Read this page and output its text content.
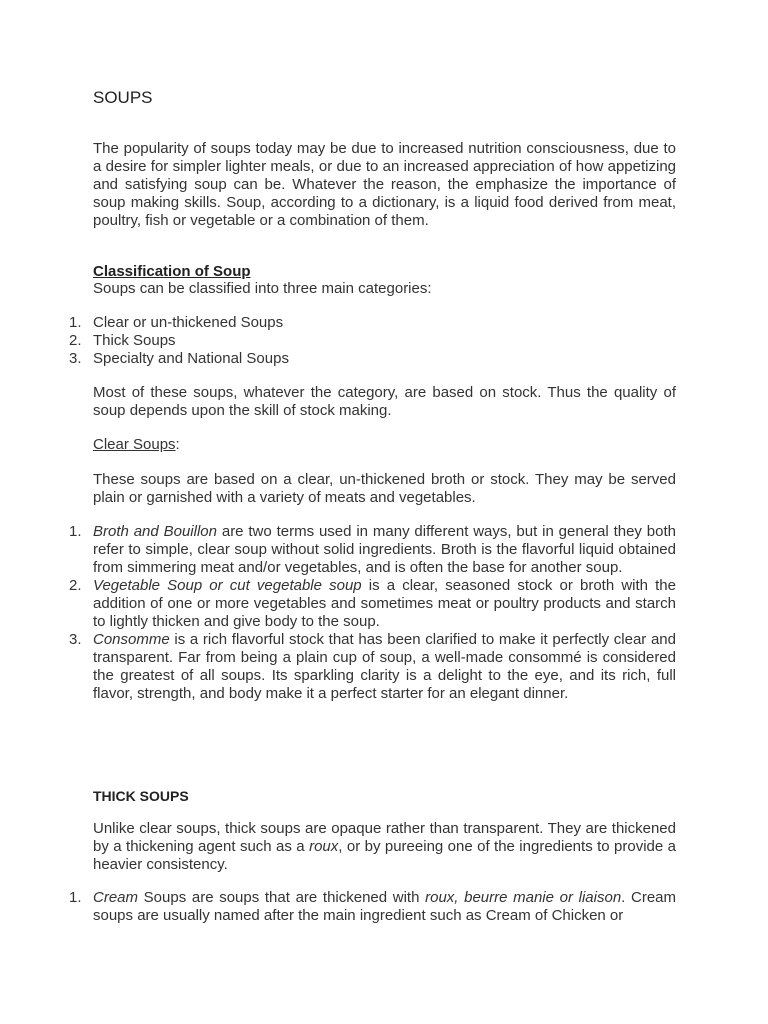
SOUPS

The popularity of soups today may be due to increased nutrition consciousness, due to a desire for simpler lighter meals, or due to an increased appreciation of how appetizing and satisfying soup can be. Whatever the reason, the emphasize the importance of soup making skills. Soup, according to a dictionary, is a liquid food derived from meat, poultry, fish or vegetable or a combination of them.

Classification of Soup

Soups can be classified into three main categories:

1. Clear or un-thickened Soups
2. Thick Soups
3. Specialty and National Soups

Most of these soups, whatever the category, are based on stock. Thus the quality of soup depends upon the skill of stock making.

Clear Soups:

These soups are based on a clear, un-thickened broth or stock. They may be served plain or garnished with a variety of meats and vegetables.

1. Broth and Bouillon are two terms used in many different ways, but in general they both refer to simple, clear soup without solid ingredients. Broth is the flavorful liquid obtained from simmering meat and/or vegetables, and is often the base for another soup.
2. Vegetable Soup or cut vegetable soup is a clear, seasoned stock or broth with the addition of one or more vegetables and sometimes meat or poultry products and starch to lightly thicken and give body to the soup.
3. Consomme is a rich flavorful stock that has been clarified to make it perfectly clear and transparent. Far from being a plain cup of soup, a well-made consommé is considered the greatest of all soups. Its sparkling clarity is a delight to the eye, and its rich, full flavor, strength, and body make it a perfect starter for an elegant dinner.
THICK SOUPS

Unlike clear soups, thick soups are opaque rather than transparent. They are thickened by a thickening agent such as a roux, or by pureeing one of the ingredients to provide a heavier consistency.

1. Cream Soups are soups that are thickened with roux, beurre manie or liaison. Cream soups are usually named after the main ingredient such as Cream of Chicken or
